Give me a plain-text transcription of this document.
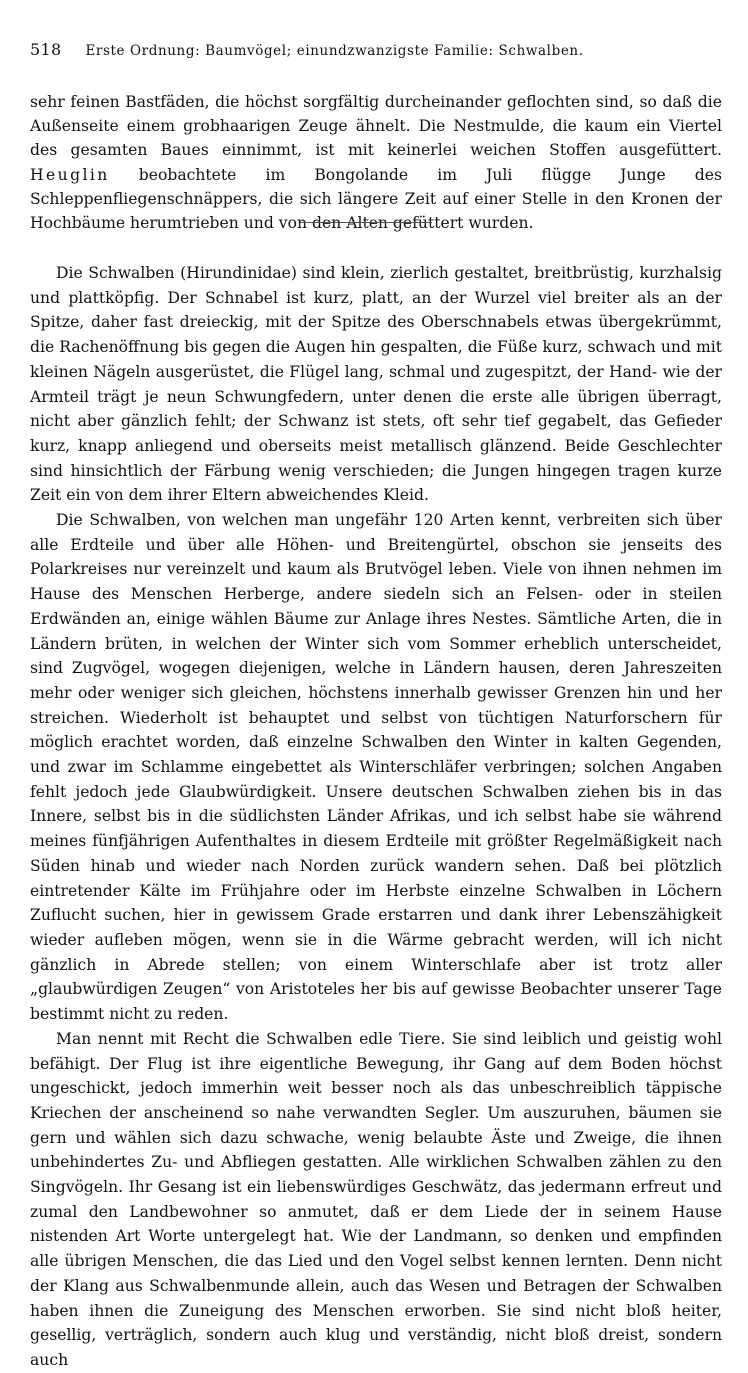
518 Erste Ordnung: Baumvögel; einundzwanzigste Familie: Schwalben.

sehr feinen Bastfäden, die höchst sorgfältig durcheinander geflochten sind, so daß die Außenseite einem grobhaarigen Zeuge ähnelt. Die Nestmulde, die kaum ein Viertel des gesamten Baues einnimmt, ist mit keinerlei weichen Stoffen ausgefüttert. Heuglin beobachtete im Bongolande im Juli flügge Junge des Schleppenfliegenschnäppers, die sich längere Zeit auf einer Stelle in den Kronen der Hochbäume herumtrieben und von den Alten gefüttert wurden.

Die Schwalben (Hirundinidae) sind klein, zierlich gestaltet, breitbrüstig, kurzhalsig und plattköpfig. Der Schnabel ist kurz, platt, an der Wurzel viel breiter als an der Spitze, daher fast dreieckig, mit der Spitze des Oberschnabels etwas übergekrümmt, die Rachenöffnung bis gegen die Augen hin gespalten, die Füße kurz, schwach und mit kleinen Nägeln ausgerüstet, die Flügel lang, schmal und zugespitzt, der Hand- wie der Armteil trägt je neun Schwungfedern, unter denen die erste alle übrigen überragt, nicht aber gänzlich fehlt; der Schwanz ist stets, oft sehr tief gegabelt, das Gefieder kurz, knapp anliegend und oberseits meist metallisch glänzend. Beide Geschlechter sind hinsichtlich der Färbung wenig verschieden; die Jungen hingegen tragen kurze Zeit ein von dem ihrer Eltern abweichendes Kleid.

Die Schwalben, von welchen man ungefähr 120 Arten kennt, verbreiten sich über alle Erdteile und über alle Höhen- und Breitengürtel, obschon sie jenseits des Polarkreises nur vereinzelt und kaum als Brutvögel leben. Viele von ihnen nehmen im Hause des Menschen Herberge, andere siedeln sich an Felsen- oder in steilen Erdwänden an, einige wählen Bäume zur Anlage ihres Nestes. Sämtliche Arten, die in Ländern brüten, in welchen der Winter sich vom Sommer erheblich unterscheidet, sind Zugvögel, wogegen diejenigen, welche in Ländern hausen, deren Jahreszeiten mehr oder weniger sich gleichen, höchstens innerhalb gewisser Grenzen hin und her streichen. Wiederholt ist behauptet und selbst von tüchtigen Naturforschern für möglich erachtet worden, daß einzelne Schwalben den Winter in kalten Gegenden, und zwar im Schlamme eingebettet als Winterschläfer verbringen; solchen Angaben fehlt jedoch jede Glaubwürdigkeit. Unsere deutschen Schwalben ziehen bis in das Innere, selbst bis in die südlichsten Länder Afrikas, und ich selbst habe sie während meines fünfjährigen Aufenthaltes in diesem Erdteile mit größter Regelmäßigkeit nach Süden hinab und wieder nach Norden zurück wandern sehen. Daß bei plötzlich eintretender Kälte im Frühjahre oder im Herbste einzelne Schwalben in Löchern Zuflucht suchen, hier in gewissem Grade erstarren und dank ihrer Lebenszähigkeit wieder aufleben mögen, wenn sie in die Wärme gebracht werden, will ich nicht gänzlich in Abrede stellen; von einem Winterschlafe aber ist trotz aller „glaubwürdigen Zeugen“ von Aristoteles her bis auf gewisse Beobachter unserer Tage bestimmt nicht zu reden.

Man nennt mit Recht die Schwalben edle Tiere. Sie sind leiblich und geistig wohl befähigt. Der Flug ist ihre eigentliche Bewegung, ihr Gang auf dem Boden höchst ungeschickt, jedoch immerhin weit besser noch als das unbeschreiblich täppische Kriechen der anscheinend so nahe verwandten Segler. Um auszuruhen, bäumen sie gern und wählen sich dazu schwache, wenig belaubte Äste und Zweige, die ihnen unbehindertes Zu- und Abfliegen gestatten. Alle wirklichen Schwalben zählen zu den Singvögeln. Ihr Gesang ist ein liebenswürdiges Geschwätz, das jedermann erfreut und zumal den Landbewohner so anmutet, daß er dem Liede der in seinem Hause nistenden Art Worte untergelegt hat. Wie der Landmann, so denken und empfinden alle übrigen Menschen, die das Lied und den Vogel selbst kennen lernten. Denn nicht der Klang aus Schwalbenmunde allein, auch das Wesen und Betragen der Schwalben haben ihnen die Zuneigung des Menschen erworben. Sie sind nicht bloß heiter, gesellig, verträglich, sondern auch klug und verständig, nicht bloß dreist, sondern auch
